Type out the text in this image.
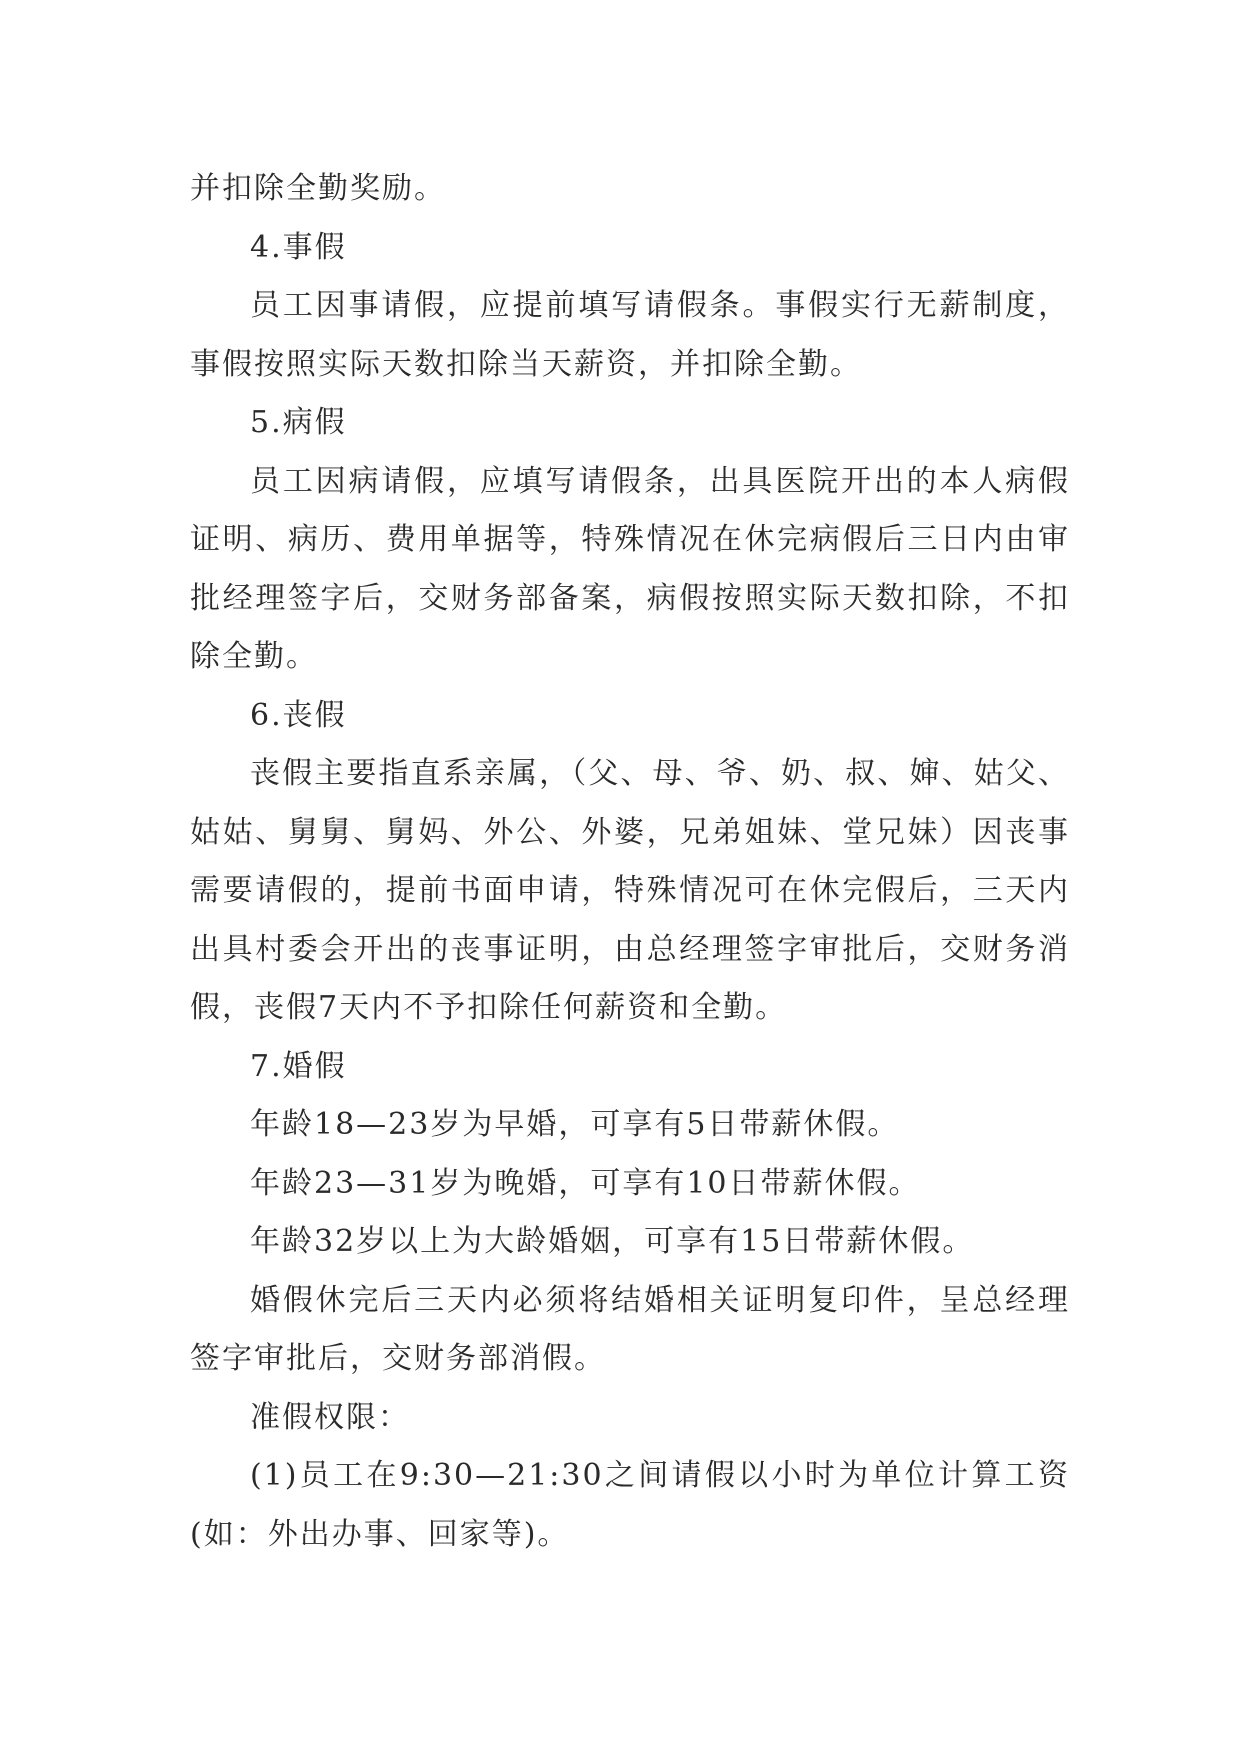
并扣除全勤奖励。

4.事假

员工因事请假，应提前填写请假条。事假实行无薪制度，事假按照实际天数扣除当天薪资，并扣除全勤。

5.病假

员工因病请假，应填写请假条，出具医院开出的本人病假证明、病历、费用单据等，特殊情况在休完病假后三日内由审批经理签字后，交财务部备案，病假按照实际天数扣除，不扣除全勤。

6.丧假

丧假主要指直系亲属，（父、母、爷、奶、叔、婶、姑父、姑姑、舅舅、舅妈、外公、外婆，兄弟姐妹、堂兄妹）因丧事需要请假的，提前书面申请，特殊情况可在休完假后，三天内出具村委会开出的丧事证明，由总经理签字审批后，交财务消假，丧假7天内不予扣除任何薪资和全勤。

7.婚假

年龄18—23岁为早婚，可享有5日带薪休假。

年龄23—31岁为晚婚，可享有10日带薪休假。

年龄32岁以上为大龄婚姻，可享有15日带薪休假。

婚假休完后三天内必须将结婚相关证明复印件，呈总经理签字审批后，交财务部消假。

准假权限：

(1)员工在9:30—21:30之间请假以小时为单位计算工资(如：外出办事、回家等)。
